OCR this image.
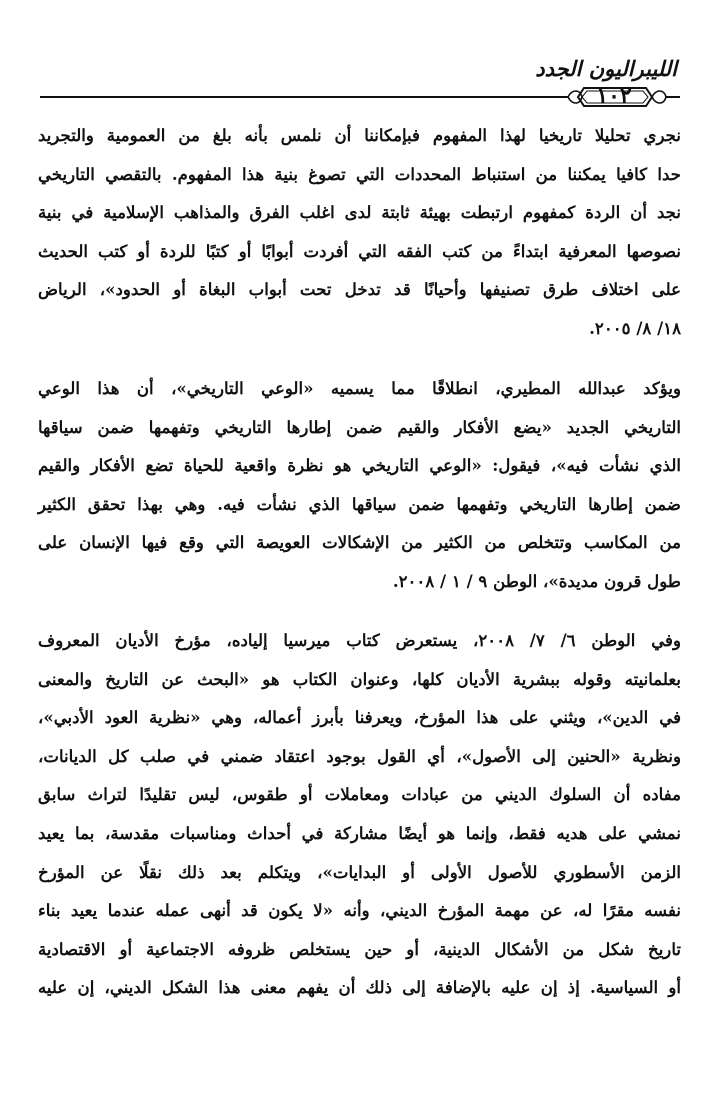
الليبراليون الجدد
١٠٢
نجري تحليلا تاريخيا لهذا المفهوم فبإمكاننا أن نلمس بأنه بلغ من العمومية والتجريد
حدا كافيا يمكننا من استنباط المحددات التي تصوغ بنية هذا المفهوم. بالتقصي التاريخي
نجد أن الردة كمفهوم ارتبطت بهيئة ثابتة لدى اغلب الفرق والمذاهب الإسلامية في بنية
نصوصها المعرفية ابتداءً من كتب الفقه التي أفردت أبوابًا أو كتبًا للردة أو كتب الحديث
على اختلاف طرق تصنيفها وأحيانًا قد تدخل تحت أبواب البغاة أو الحدود»، الرياض
١٨/ ٨/ ٢٠٠٥.
ويؤكد عبدالله المطيري، انطلاقًا مما يسميه «الوعي التاريخي»، أن هذا الوعي
التاريخي الجديد «يضع الأفكار والقيم ضمن إطارها التاريخي وتفهمها ضمن سياقها
الذي نشأت فيه»، فيقول: «الوعي التاريخي هو نظرة واقعية للحياة تضع الأفكار والقيم
ضمن إطارها التاريخي وتفهمها ضمن سياقها الذي نشأت فيه. وهي بهذا تحقق الكثير
من المكاسب وتتخلص من الكثير من الإشكالات العويصة التي وقع فيها الإنسان على
طول قرون مديدة»، الوطن ٩ / ١ / ٢٠٠٨.
وفي الوطن ٦/ ٧/ ٢٠٠٨، يستعرض كتاب ميرسيا إلياده، مؤرخ الأديان المعروف
بعلمانيته وقوله ببشرية الأديان كلها، وعنوان الكتاب هو «البحث عن التاريخ والمعنى
في الدين»، ويثني على هذا المؤرخ، ويعرفنا بأبرز أعماله، وهي «نظرية العود الأدبي»،
ونظرية «الحنين إلى الأصول»، أي القول بوجود اعتقاد ضمني في صلب كل الديانات،
مفاده أن السلوك الديني من عبادات ومعاملات أو طقوس، ليس تقليدًا لتراث سابق
نمشي على هديه فقط، وإنما هو أيضًا مشاركة في أحداث ومناسبات مقدسة، بما يعيد
الزمن الأسطوري للأصول الأولى أو البدايات»، ويتكلم بعد ذلك نقلًا عن المؤرخ
نفسه مقرًا له، عن مهمة المؤرخ الديني، وأنه «لا يكون قد أنهى عمله عندما يعيد بناء
تاريخ شكل من الأشكال الدينية، أو حين يستخلص ظروفه الاجتماعية أو الاقتصادية
أو السياسية. إذ إن عليه بالإضافة إلى ذلك أن يفهم معنى هذا الشكل الديني، إن عليه
